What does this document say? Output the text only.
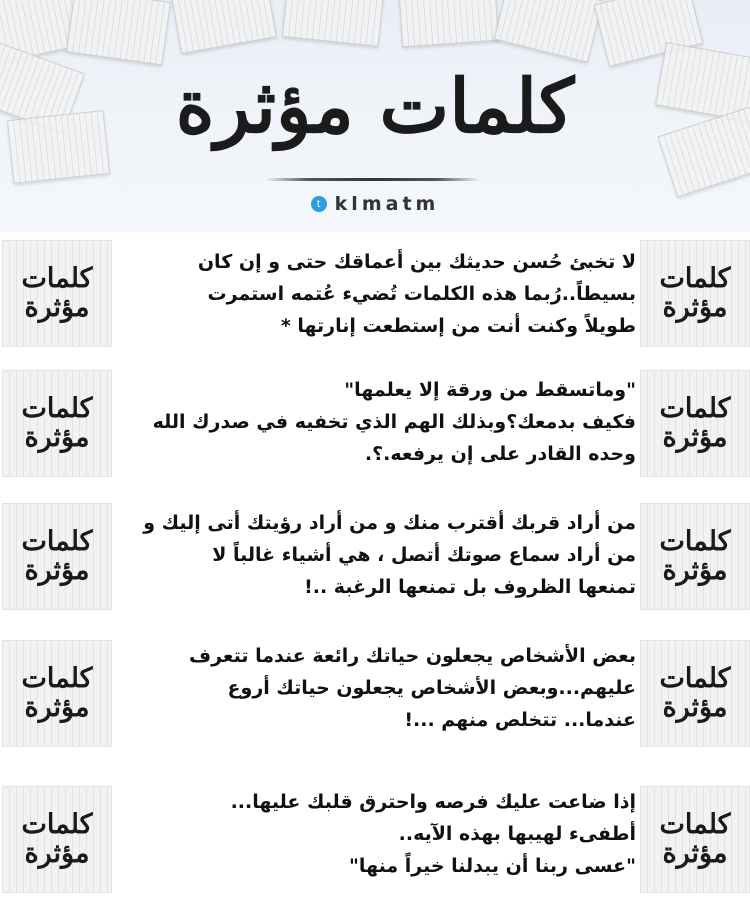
كلمات مؤثرة
t klmatm
كلمات
مؤثرة
كلمات
مؤثرة
لا تخبئ حُسن حديثك بين أعماقك حتى و إن كان
بسيطاً..رُبما هذه الكلمات تُضيء عُتمه استمرت
طويلاً وكنت أنت من إستطعت إنارتها *
كلمات
مؤثرة
كلمات
مؤثرة
"وماتسقط من ورقة إلا يعلمها"
فكيف بدمعك؟وبذلك الهم الذي تخفيه في صدرك الله
وحده القادر على إن يرفعه.؟.
كلمات
مؤثرة
كلمات
مؤثرة
من أراد قربك أقترب منك و من أراد رؤيتك أتى إليك و
من أراد سماع صوتك أتصل ، هي أشياء غالباً لا
تمنعها الظروف بل تمنعها الرغبة ..!
كلمات
مؤثرة
كلمات
مؤثرة
بعض الأشخاص يجعلون حياتك رائعة عندما تتعرف
عليهم...وبعض الأشخاص يجعلون حياتك أروع
عندما... تتخلص منهم ...!
كلمات
مؤثرة
كلمات
مؤثرة
إذا ضاعت عليك فرصه واحترق قلبك عليها...
أطفىء لهيبها بهذه الآيه..
"عسى ربنا أن يبدلنا خيراً منها"
